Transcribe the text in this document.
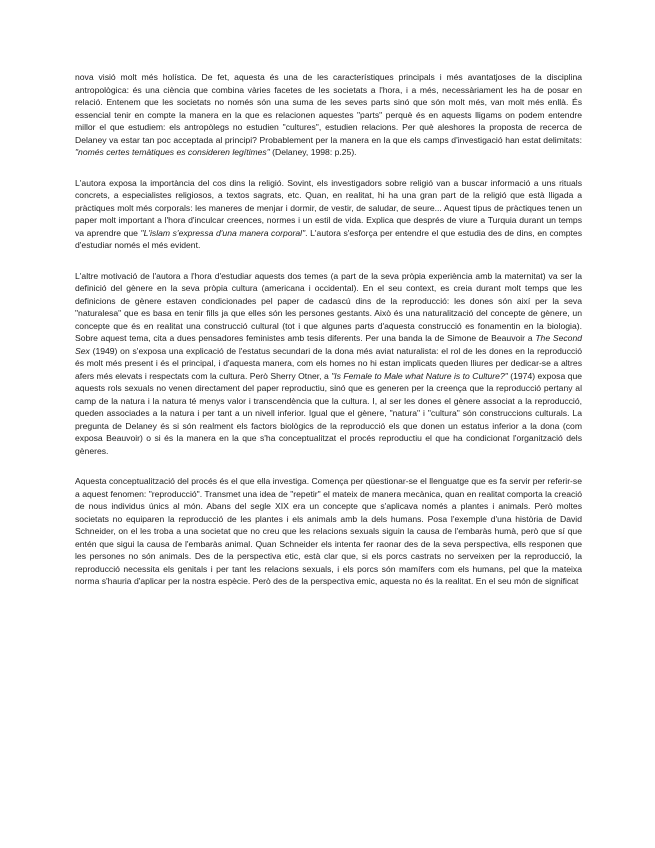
nova visió molt més holística. De fet, aquesta és una de les característiques principals i més avantatjoses de la disciplina antropològica: és una ciència que combina vàries facetes de les societats a l'hora, i a més, necessàriament les ha de posar en relació. Entenem que les societats no només són una suma de les seves parts sinó que són molt més, van molt més enllà. És essencial tenir en compte la manera en la que es relacionen aquestes "parts" perquè és en aquests lligams on podem entendre millor el que estudiem: els antropòlegs no estudien "cultures", estudien relacions. Per què aleshores la proposta de recerca de Delaney va estar tan poc acceptada al principi? Probablement per la manera en la que els camps d'investigació han estat delimitats: "només certes temàtiques es consideren legítimes" (Delaney, 1998: p.25).

L'autora exposa la importància del cos dins la religió. Sovint, els investigadors sobre religió van a buscar informació a uns rituals concrets, a especialistes religiosos, a textos sagrats, etc. Quan, en realitat, hi ha una gran part de la religió que està lligada a pràctiques molt més corporals: les maneres de menjar i dormir, de vestir, de saludar, de seure... Aquest tipus de pràctiques tenen un paper molt important a l'hora d'inculcar creences, normes i un estil de vida. Explica que després de viure a Turquia durant un temps va aprendre que "L'islam s'expressa d'una manera corporal". L'autora s'esforça per entendre el que estudia des de dins, en comptes d'estudiar només el més evident.

L'altre motivació de l'autora a l'hora d'estudiar aquests dos temes (a part de la seva pròpia experiència amb la maternitat) va ser la definició del gènere en la seva pròpia cultura (americana i occidental). En el seu context, es creia durant molt temps que les definicions de gènere estaven condicionades pel paper de cadascú dins de la reproducció: les dones són així per la seva "naturalesa" que es basa en tenir fills ja que elles són les persones gestants. Això és una naturalització del concepte de gènere, un concepte que és en realitat una construcció cultural (tot i que algunes parts d'aquesta construcció es fonamentin en la biologia). Sobre aquest tema, cita a dues pensadores feministes amb tesis diferents. Per una banda la de Simone de Beauvoir a The Second Sex (1949) on s'exposa una explicació de l'estatus secundari de la dona més aviat naturalista: el rol de les dones en la reproducció és molt més present i és el principal, i d'aquesta manera, com els homes no hi estan implicats queden lliures per dedicar-se a altres afers més elevats i respectats com la cultura. Però Sherry Otner, a "Is Female to Male what Nature is to Culture?" (1974) exposa que aquests rols sexuals no venen directament del paper reproductiu, sinó que es generen per la creença que la reproducció pertany al camp de la natura i la natura té menys valor i transcendència que la cultura. I, al ser les dones el gènere associat a la reproducció, queden associades a la natura i per tant a un nivell inferior. Igual que el gènere, "natura" i "cultura" són construccions culturals. La pregunta de Delaney és si són realment els factors biològics de la reproducció els que donen un estatus inferior a la dona (com exposa Beauvoir) o si és la manera en la que s'ha conceptualitzat el procés reproductiu el que ha condicionat l'organització dels gèneres.

Aquesta conceptualització del procés és el que ella investiga. Comença per qüestionar-se el llenguatge que es fa servir per referir-se a aquest fenomen: "reproducció". Transmet una idea de "repetir" el mateix de manera mecànica, quan en realitat comporta la creació de nous individus únics al món. Abans del segle XIX era un concepte que s'aplicava només a plantes i animals. Però moltes societats no equiparen la reproducció de les plantes i els animals amb la dels humans. Posa l'exemple d'una història de David Schneider, on el les troba a una societat que no creu que les relacions sexuals siguin la causa de l'embaràs humà, però que sí que entén que sigui la causa de l'embaràs animal. Quan Schneider els intenta fer raonar des de la seva perspectiva, ells responen que les persones no són animals. Des de la perspectiva etic, està clar que, si els porcs castrats no serveixen per la reproducció, la reproducció necessita els genitals i per tant les relacions sexuals, i els porcs són mamífers com els humans, pel que la mateixa norma s'hauria d'aplicar per la nostra espècie. Però des de la perspectiva emic, aquesta no és la realitat. En el seu món de significat
